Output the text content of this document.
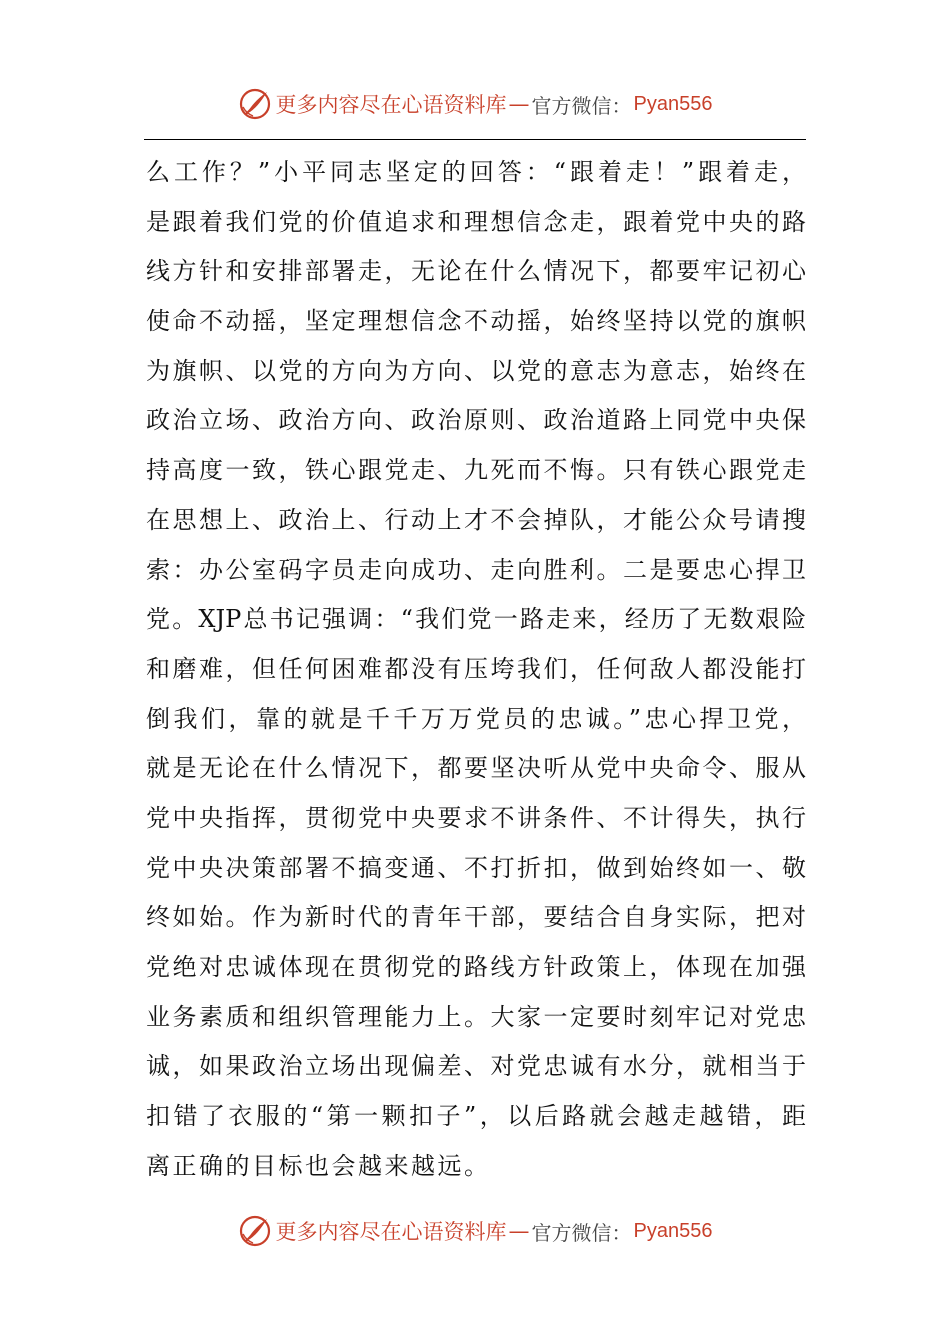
更多内容尽在心语资料库 — 官方微信： Pyan556
么工作？”小平同志坚定的回答：“跟着走！”跟着走，
是跟着我们党的价值追求和理想信念走，跟着党中央的路
线方针和安排部署走，无论在什么情况下，都要牢记初心
使命不动摇，坚定理想信念不动摇，始终坚持以党的旗帜
为旗帜、以党的方向为方向、以党的意志为意志，始终在
政治立场、政治方向、政治原则、政治道路上同党中央保
持高度一致，铁心跟党走、九死而不悔。只有铁心跟党走
在思想上、政治上、行动上才不会掉队，才能公众号请搜
索：办公室码字员走向成功、走向胜利。二是要忠心捍卫
党。XJP总书记强调：“我们党一路走来，经历了无数艰险
和磨难，但任何困难都没有压垮我们，任何敌人都没能打
倒我们，靠的就是千千万万党员的忠诚。”忠心捍卫党，
就是无论在什么情况下，都要坚决听从党中央命令、服从
党中央指挥，贯彻党中央要求不讲条件、不计得失，执行
党中央决策部署不搞变通、不打折扣，做到始终如一、敬
终如始。作为新时代的青年干部，要结合自身实际，把对
党绝对忠诚体现在贯彻党的路线方针政策上，体现在加强
业务素质和组织管理能力上。大家一定要时刻牢记对党忠
诚，如果政治立场出现偏差、对党忠诚有水分，就相当于
扣错了衣服的“第一颗扣子”，以后路就会越走越错，距
离正确的目标也会越来越远。
更多内容尽在心语资料库 — 官方微信： Pyan556
